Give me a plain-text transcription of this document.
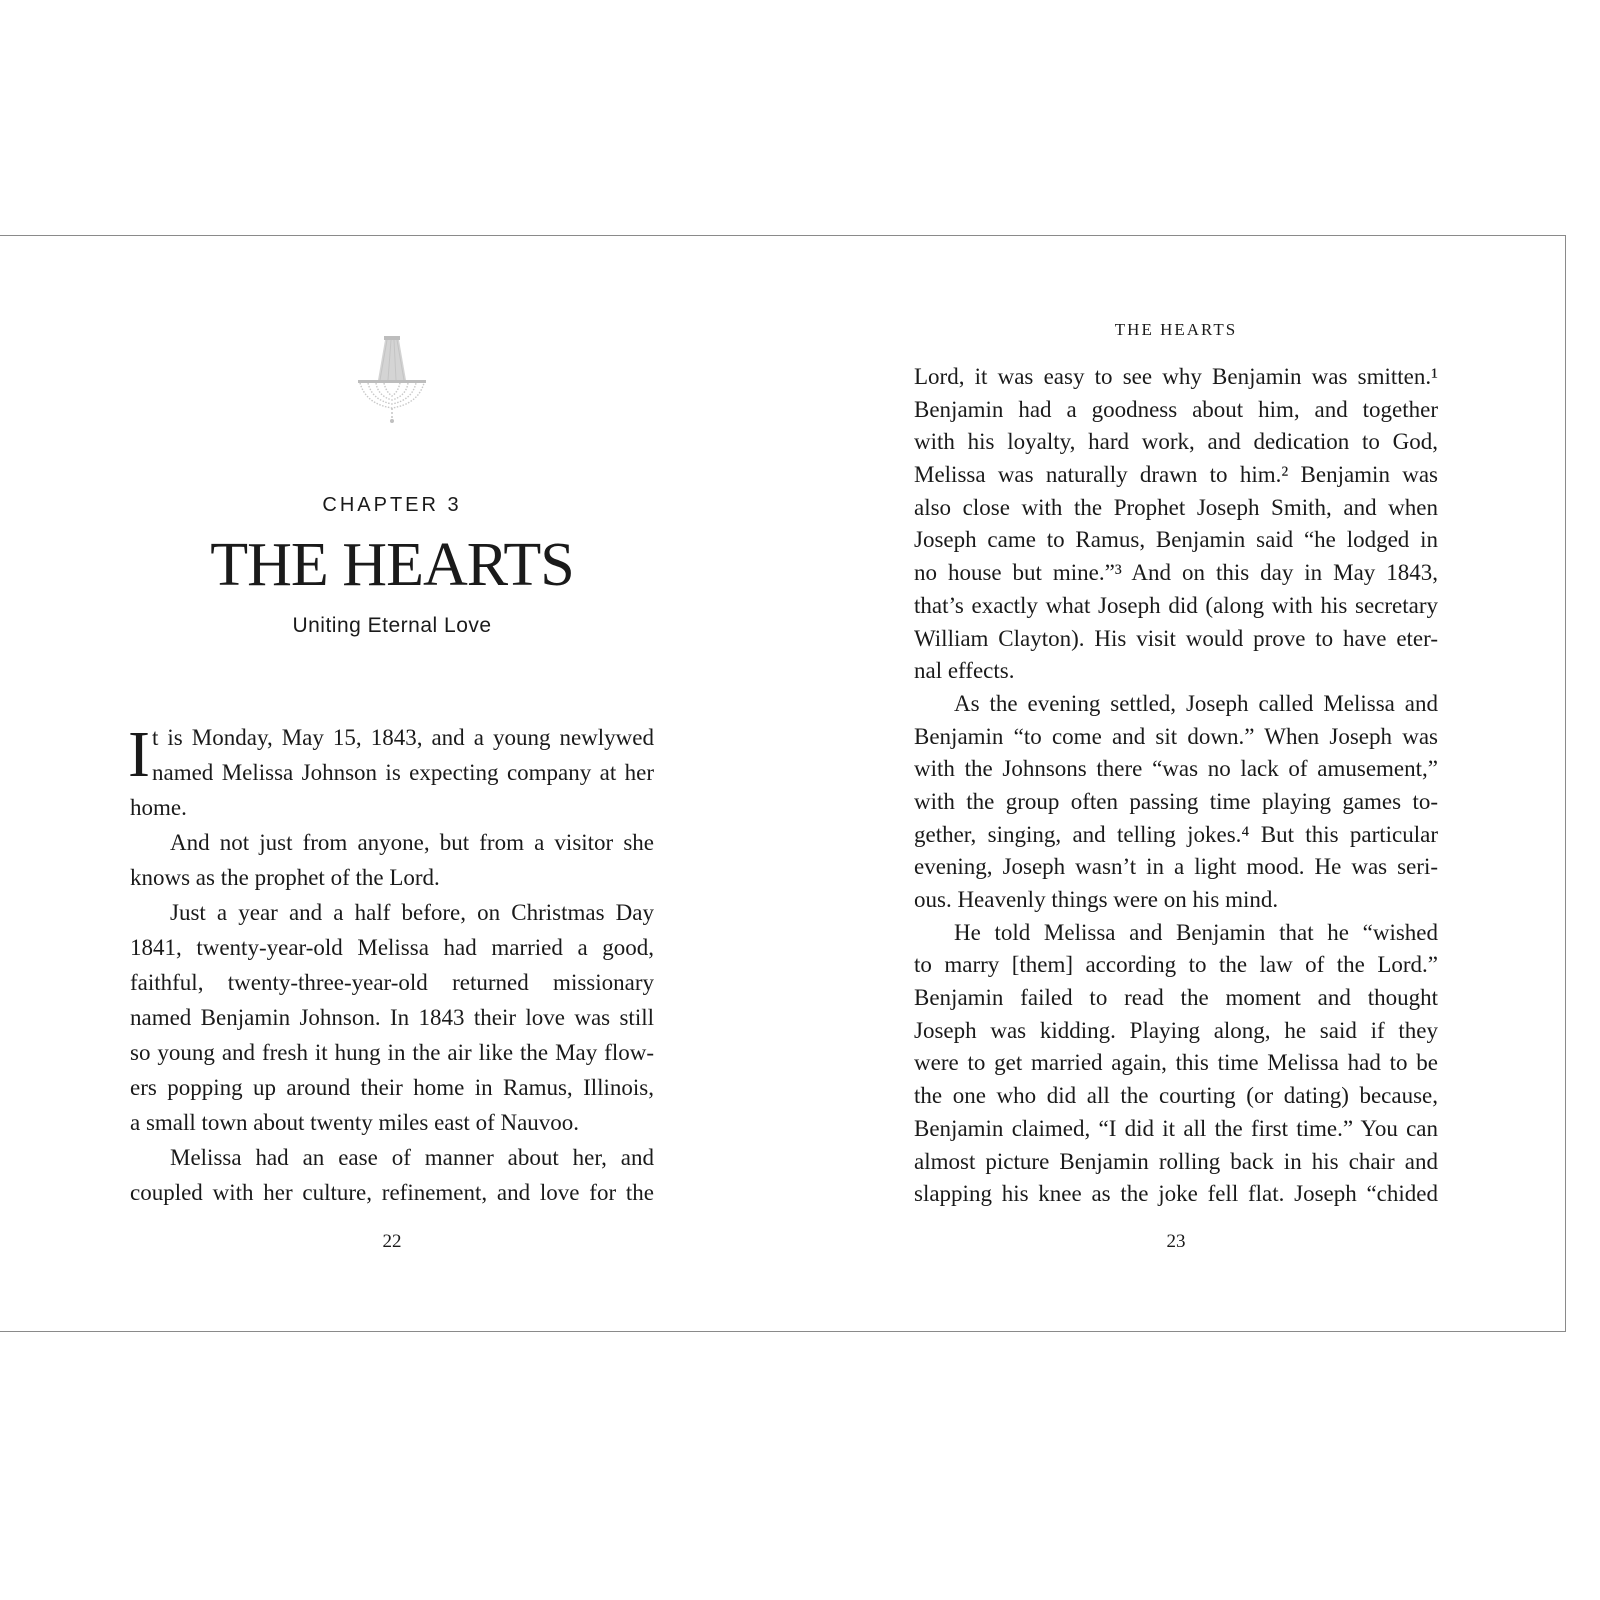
CHAPTER 3
THE HEARTS
Uniting Eternal Love
I t is Monday, May 15, 1843, and a young newlywed
named Melissa Johnson is expecting company at her
home.
And not just from anyone, but from a visitor she
knows as the prophet of the Lord.
Just a year and a half before, on Christmas Day
1841, twenty-year-old Melissa had married a good,
faithful, twenty-three-year-old returned missionary
named Benjamin Johnson. In 1843 their love was still
so young and fresh it hung in the air like the May flow-
ers popping up around their home in Ramus, Illinois,
a small town about twenty miles east of Nauvoo.
Melissa had an ease of manner about her, and
coupled with her culture, refinement, and love for the
22
THE HEARTS
Lord, it was easy to see why Benjamin was smitten.¹
Benjamin had a goodness about him, and together
with his loyalty, hard work, and dedication to God,
Melissa was naturally drawn to him.² Benjamin was
also close with the Prophet Joseph Smith, and when
Joseph came to Ramus, Benjamin said “he lodged in
no house but mine.”³ And on this day in May 1843,
that’s exactly what Joseph did (along with his secretary
William Clayton). His visit would prove to have eter-
nal effects.
As the evening settled, Joseph called Melissa and
Benjamin “to come and sit down.” When Joseph was
with the Johnsons there “was no lack of amusement,”
with the group often passing time playing games to-
gether, singing, and telling jokes.⁴ But this particular
evening, Joseph wasn’t in a light mood. He was seri-
ous. Heavenly things were on his mind.
He told Melissa and Benjamin that he “wished
to marry [them] according to the law of the Lord.”
Benjamin failed to read the moment and thought
Joseph was kidding. Playing along, he said if they
were to get married again, this time Melissa had to be
the one who did all the courting (or dating) because,
Benjamin claimed, “I did it all the first time.” You can
almost picture Benjamin rolling back in his chair and
slapping his knee as the joke fell flat. Joseph “chided
23
